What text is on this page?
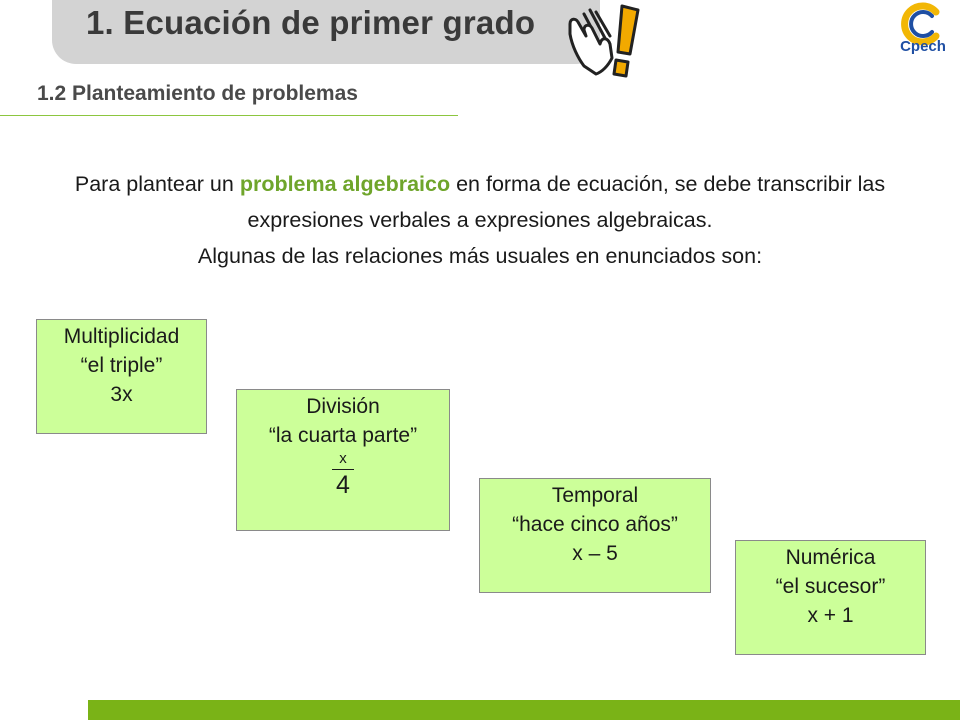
1. Ecuación de primer grado
Cpech
1.2 Planteamiento de problemas
Para plantear un problema algebraico en forma de ecuación, se debe transcribir las expresiones verbales a expresiones algebraicas.
Algunas de las relaciones más usuales en enunciados son:
Multiplicidad
“el triple”
3x
División
“la cuarta parte”
$\frac{x}{4}$	Temporal
“hace cinco años”
x – 5	Numérica
“el sucesor”
x + 1
